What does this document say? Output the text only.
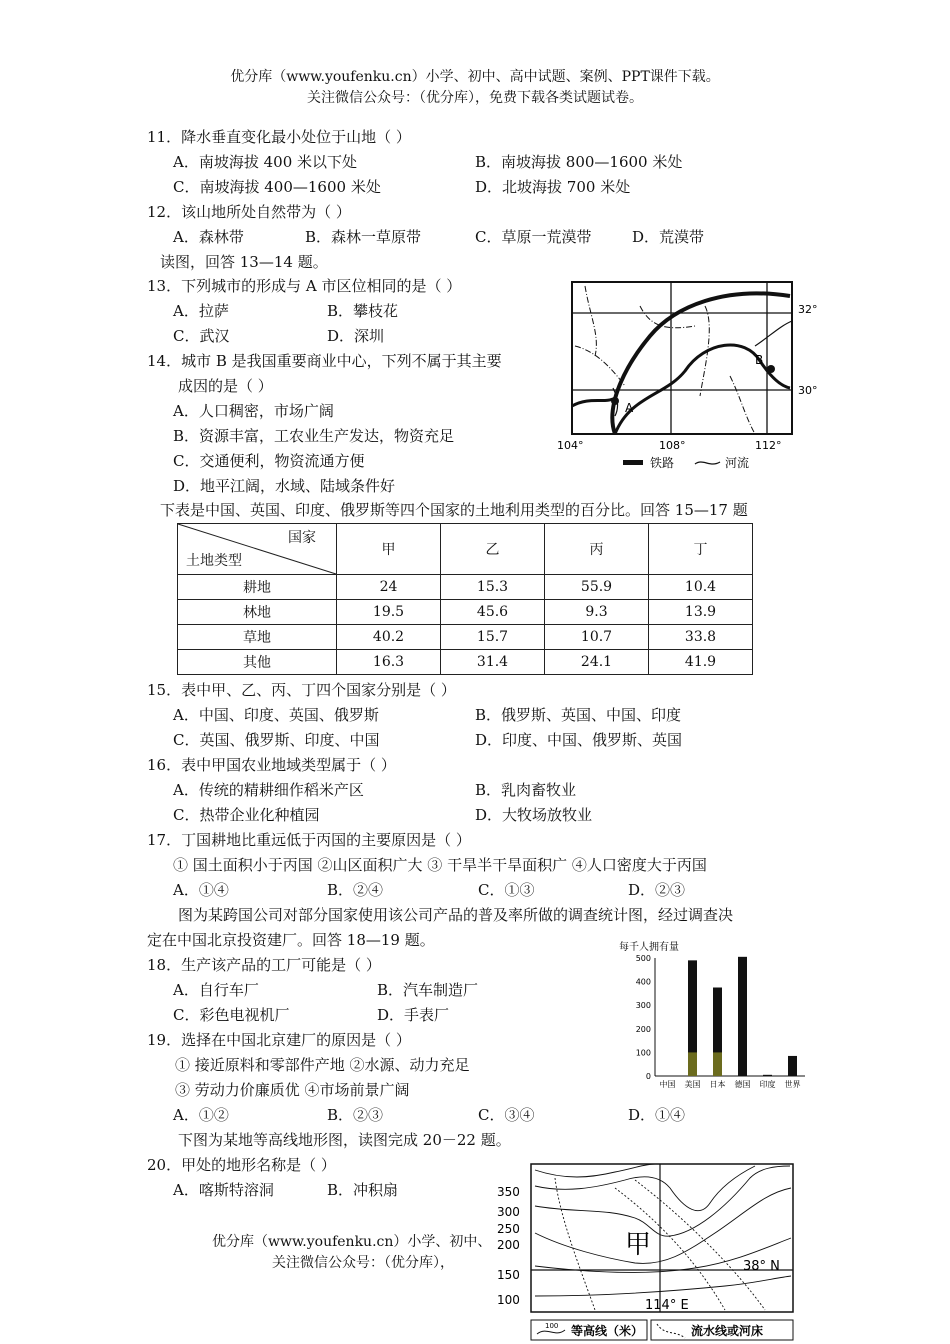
优分库（www.youfenku.cn）小学、初中、高中试题、案例、PPT课件下载。
关注微信公众号：（优分库），免费下载各类试题试卷。
11．降水垂直变化最小处位于山地（ ）
A．南坡海拔 400 米以下处	B．南坡海拔 800—1600 米处
C．南坡海拔 400—1600 米处	D．北坡海拔 700 米处
12．该山地所处自然带为（ ）
A．森林带	B．森林一草原带	C．草原一荒漠带	D．荒漠带
读图，回答 13—14 题。
13．下列城市的形成与 A 市区位相同的是（ ）
A．拉萨	B．攀枝花
C．武汉	D．深圳
14．城市 B 是我国重要商业中心，下列不属于其主要
成因的是（ ）
A．人口稠密，市场广阔
B．资源丰富，工农业生产发达，物资充足
C．交通便利，物资流通方便
D．地平江阔，水域、陆域条件好
A
B
32°
30°
104°	108°	112°
铁路	河流
下表是中国、英国、印度、俄罗斯等四个国家的土地利用类型的百分比。回答 15—17 题
国家
土地类型	甲	乙	丙	丁
耕地	24	15.3	55.9	10.4
林地	19.5	45.6	9.3	13.9
草地	40.2	15.7	10.7	33.8
其他	16.3	31.4	24.1	41.9
15．表中甲、乙、丙、丁四个国家分别是（ ）
A．中国、印度、英国、俄罗斯	B．俄罗斯、英国、中国、印度
C．英国、俄罗斯、印度、中国	D．印度、中国、俄罗斯、英国
16．表中甲国农业地域类型属于（ ）
A．传统的精耕细作稻米产区	B．乳肉畜牧业
C．热带企业化种植园	D．大牧场放牧业
17．丁国耕地比重远低于丙国的主要原因是（ ）
① 国土面积小于丙国 ②山区面积广大 ③ 干旱半干旱面积广 ④人口密度大于丙国
A．①④	B．②④	C．①③	D．②③
图为某跨国公司对部分国家使用该公司产品的普及率所做的调查统计图，经过调查决
定在中国北京投资建厂。回答 18—19 题。
18．生产该产品的工厂可能是（ ）
A．自行车厂	B．汽车制造厂
C．彩色电视机厂	D．手表厂
19．选择在中国北京建厂的原因是（ ）
① 接近原料和零部件产地 ②水源、动力充足
③ 劳动力价廉质优 ④市场前景广阔
A．①②	B．②③	C．③④	D．①④
每千人拥有量
0
100
200
300
400
500
中国 美国 日本 德国 印度 世界
下图为某地等高线地形图，读图完成 20－22 题。
20．甲处的地形名称是（ ）
A．喀斯特溶洞	B．冲积扇
优分库（www.youfenku.cn）小学、初中、
关注微信公众号：（优分库），
350
300
250
200
150
100
甲
38° N
114° E
100 等高线（米）	流水线或河床
